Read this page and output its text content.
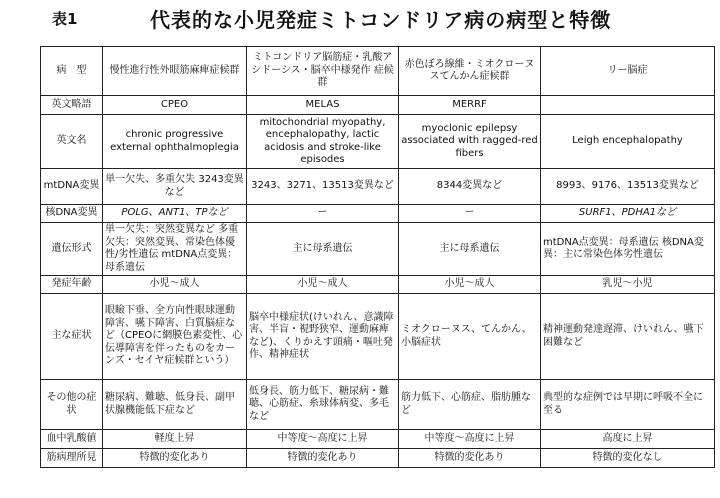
表1	代表的な小児発症ミトコンドリア病の病型と特徴
病　型	慢性進行性外眼筋麻痺症候群	ミトコンドリア脳筋症・乳酸アシドーシス・脳卒中様発作 症候群	赤色ぼろ線維・ミオクローヌスてんかん症候群	リー脳症
英文略語	CPEO	MELAS	MERRF	
英文名	chronic progressive external ophthalmoplegia	mitochondrial myopathy, encephalopathy, lactic acidosis and stroke-like episodes	myoclonic epilepsy associated with ragged-red fibers	Leigh encephalopathy
mtDNA変異	単一欠失、多重欠失 3243変異など	3243、3271、13513変異など	8344変異など	8993、9176、13513変異など
核DNA変異	POLG、ANT1、TPなど	ー	ー	SURF1、PDHA1など
遺伝形式	単一欠失：突然変異など 多重欠失：突然変異、常染色体優性/劣性遺伝 mtDNA点変異：母系遺伝	主に母系遺伝	主に母系遺伝	mtDNA点変異：母系遺伝 核DNA変異：主に常染色体劣性遺伝
発症年齢	小児〜成人	小児〜成人	小児〜成人	乳児〜小児
主な症状	眼瞼下垂、全方向性眼球運動障害、嚥下障害、白質脳症など（CPEOに網膜色素変性、心伝導障害を伴ったものをカーンズ・セイヤ症候群という）	脳卒中様症状(けいれん、意識障害、半盲・視野狭窄、運動麻痺など)、くりかえす頭痛・嘔吐発作、精神症状	ミオクローヌス、てんかん、小脳症状	精神運動発達遅滞、けいれん、嚥下困難など
その他の症状	糖尿病、難聴、低身長、副甲状腺機能低下症など	低身長、筋力低下、糖尿病・難聴、心筋症、糸球体病変、多毛など	筋力低下、心筋症、脂肪腫など	典型的な症例では早期に呼吸不全に至る
血中乳酸値	軽度上昇	中等度〜高度に上昇	中等度〜高度に上昇	高度に上昇
筋病理所見	特徴的変化あり	特徴的変化あり	特徴的変化あり	特徴的変化なし
